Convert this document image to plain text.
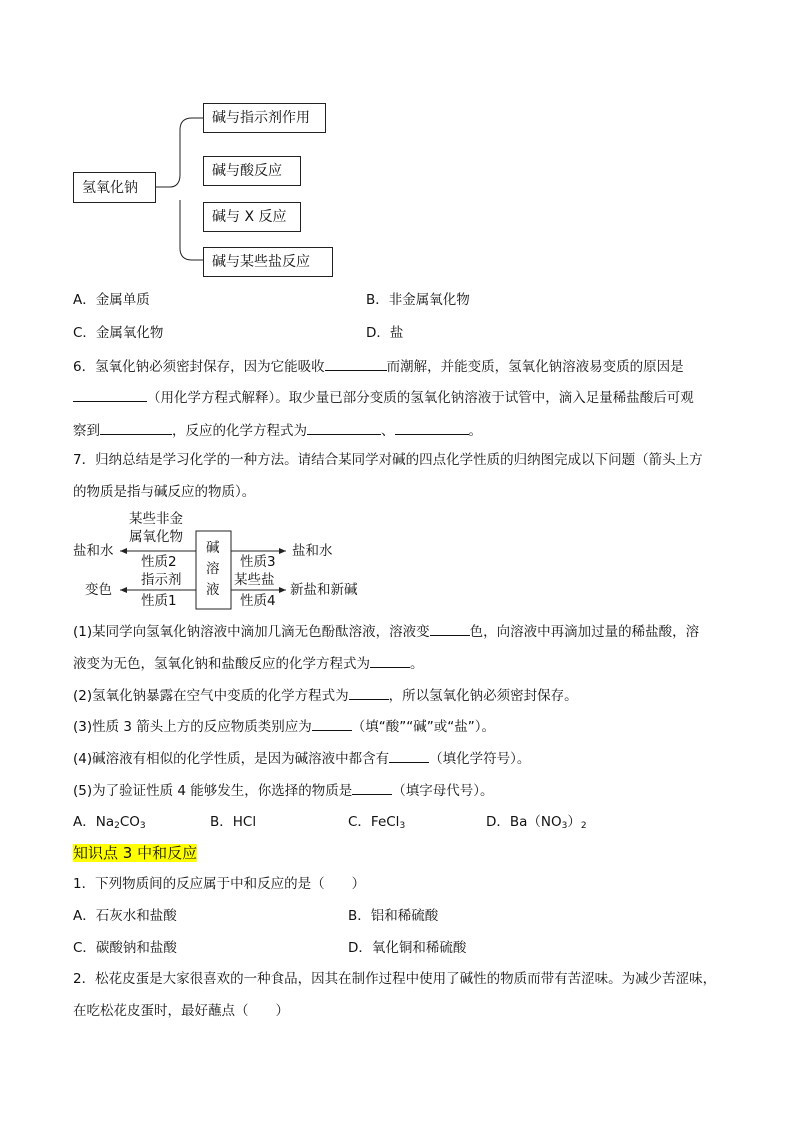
氢氧化钠
碱与指示剂作用
碱与酸反应
碱与 X 反应
碱与某些盐反应
A．金属单质	B．非金属氧化物
C．金属氧化物	D．盐
6．氢氧化钠必须密封保存，因为它能吸收	而潮解，并能变质，氢氧化钠溶液易变质的原因是
（用化学方程式解释）。取少量已部分变质的氢氧化钠溶液于试管中，滴入足量稀盐酸后可观
察到	，反应的化学方程式为	、	。
7．归纳总结是学习化学的一种方法。请结合某同学对碱的四点化学性质的归纳图完成以下问题（箭头上方
的物质是指与碱反应的物质）。
碱
溶
液
某些非金
属氧化物
盐和水
性质2
指示剂
变色
性质1
性质3
盐和水
某些盐
新盐和新碱
性质4
(1)某同学向氢氧化钠溶液中滴加几滴无色酚酞溶液，溶液变	色，向溶液中再滴加过量的稀盐酸，溶
液变为无色，氢氧化钠和盐酸反应的化学方程式为	。
(2)氢氧化钠暴露在空气中变质的化学方程式为	，所以氢氧化钠必须密封保存。
(3)性质 3 箭头上方的反应物质类别应为	（填“酸”“碱”或“盐”）。
(4)碱溶液有相似的化学性质，是因为碱溶液中都含有	（填化学符号）。
(5)为了验证性质 4 能够发生，你选择的物质是	（填字母代号）。
A．$Na_2CO_3$	B．HCl	C．FeCl$_3$	D．$Ba(NO_3)_2$
知识点 3 中和反应
1．下列物质间的反应属于中和反应的是（　　）
A．石灰水和盐酸	B．铝和稀硫酸
C．碳酸钠和盐酸	D．氧化铜和稀硫酸
2．松花皮蛋是大家很喜欢的一种食品，因其在制作过程中使用了碱性的物质而带有苦涩味。为减少苦涩味，
在吃松花皮蛋时，最好蘸点（　　）
